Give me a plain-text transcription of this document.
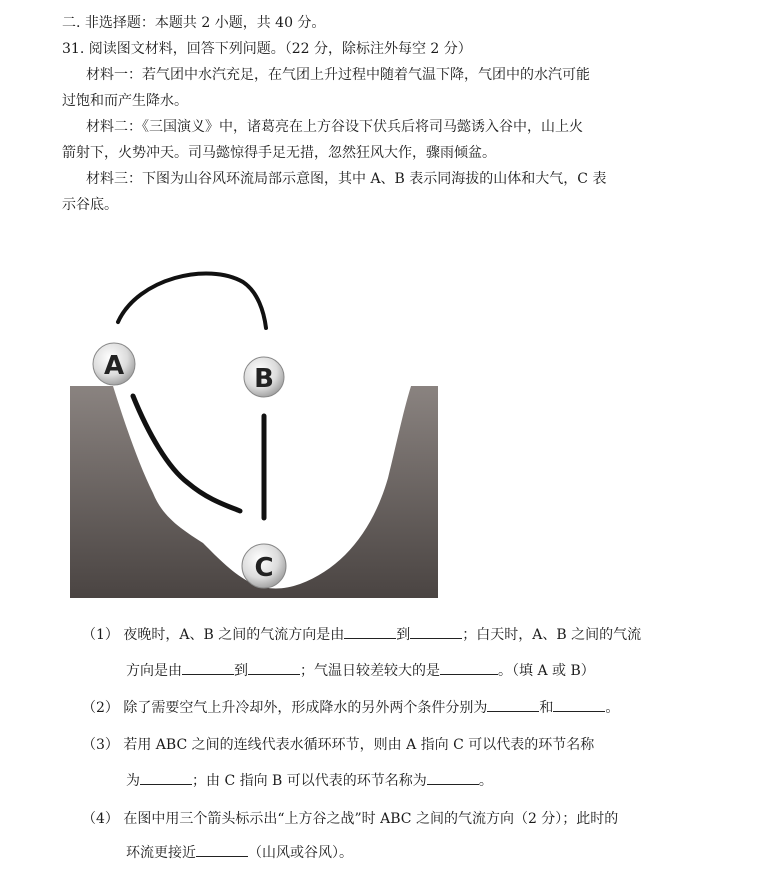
二. 非选择题：本题共 2 小题，共 40 分。
31. 阅读图文材料，回答下列问题。（22 分，除标注外每空 2 分）
材料一：若气团中水汽充足，在气团上升过程中随着气温下降，气团中的水汽可能
过饱和而产生降水。
材料二：《三国演义》中，诸葛亮在上方谷设下伏兵后将司马懿诱入谷中，山上火
箭射下，火势冲天。司马懿惊得手足无措，忽然狂风大作，骤雨倾盆。
材料三：下图为山谷风环流局部示意图，其中 A、B 表示同海拔的山体和大气，C 表
示谷底。
A	B
C
（1） 夜晚时，A、B 之间的气流方向是由	到	；白天时，A、B 之间的气流
方向是由	到	；气温日较差较大的是	。（填 A 或 B）
（2） 除了需要空气上升冷却外，形成降水的另外两个条件分别为	和	。
（3） 若用 ABC 之间的连线代表水循环环节，则由 A 指向 C 可以代表的环节名称
为	；由 C 指向 B 可以代表的环节名称为	。
（4） 在图中用三个箭头标示出“上方谷之战”时 ABC 之间的气流方向（2 分）；此时的
环流更接近	（山风或谷风）。
